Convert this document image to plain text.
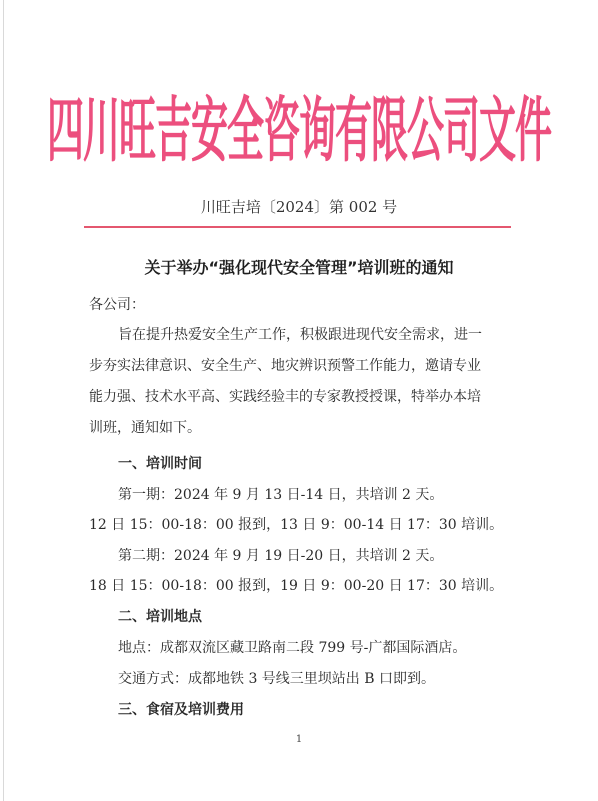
四川旺吉安全咨询有限公司文件
川旺吉培〔2024〕第 002 号
关于举办“强化现代安全管理”培训班的通知
各公司：
旨在提升热爱安全生产工作，积极跟进现代安全需求，进一
步夯实法律意识、安全生产、地灾辨识预警工作能力，邀请专业
能力强、技术水平高、实践经验丰的专家教授授课，特举办本培
训班，通知如下。
一、培训时间
第一期：2024 年 9 月 13 日-14 日，共培训 2 天。
12 日 15：00-18：00 报到，13 日 9：00-14 日 17：30 培训。
第二期：2024 年 9 月 19 日-20 日，共培训 2 天。
18 日 15：00-18：00 报到，19 日 9：00-20 日 17：30 培训。
二、培训地点
地点：成都双流区藏卫路南二段 799 号-广都国际酒店。
交通方式：成都地铁 3 号线三里坝站出 B 口即到。
三、食宿及培训费用
1
